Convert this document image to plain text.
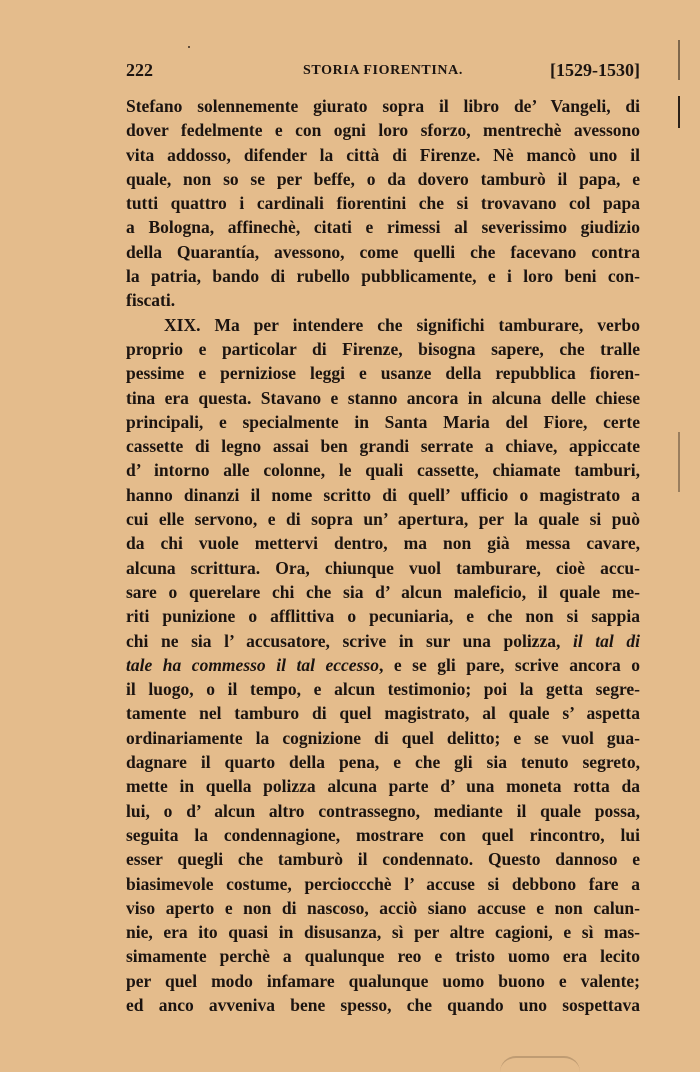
222	STORIA FIORENTINA.	[1529-1530]
Stefano solennemente giurato sopra il libro de’ Vangeli, di
dover fedelmente e con ogni loro sforzo, mentrechè avessono
vita addosso, difender la città di Firenze. Nè mancò uno il
quale, non so se per beffe, o da dovero tamburò il papa, e
tutti quattro i cardinali fiorentini che si trovavano col papa
a Bologna, affinechè, citati e rimessi al severissimo giudizio
della Quarantía, avessono, come quelli che facevano contra
la patria, bando di rubello pubblicamente, e i loro beni con-
fiscati.
XIX. Ma per intendere che significhi tamburare, verbo
proprio e particolar di Firenze, bisogna sapere, che tralle
pessime e perniziose leggi e usanze della repubblica fioren-
tina era questa. Stavano e stanno ancora in alcuna delle chiese
principali, e specialmente in Santa Maria del Fiore, certe
cassette di legno assai ben grandi serrate a chiave, appiccate
d’ intorno alle colonne, le quali cassette, chiamate tamburi,
hanno dinanzi il nome scritto di quell’ ufficio o magistrato a
cui elle servono, e di sopra un’ apertura, per la quale si può
da chi vuole mettervi dentro, ma non già messa cavare,
alcuna scrittura. Ora, chiunque vuol tamburare, cioè accu-
sare o querelare chi che sia d’ alcun maleficio, il quale me-
riti punizione o afflittiva o pecuniaria, e che non si sappia
chi ne sia l’ accusatore, scrive in sur una polizza, il tal di
tale ha commesso il tal eccesso, e se gli pare, scrive ancora o
il luogo, o il tempo, e alcun testimonio; poi la getta segre-
tamente nel tamburo di quel magistrato, al quale s’ aspetta
ordinariamente la cognizione di quel delitto; e se vuol gua-
dagnare il quarto della pena, e che gli sia tenuto segreto,
mette in quella polizza alcuna parte d’ una moneta rotta da
lui, o d’ alcun altro contrassegno, mediante il quale possa,
seguita la condennagione, mostrare con quel rincontro, lui
esser quegli che tamburò il condennato. Questo dannoso e
biasimevole costume, percioccchè l’ accuse si debbono fare a
viso aperto e non di nascoso, acciò siano accuse e non calun-
nie, era ito quasi in disusanza, sì per altre cagioni, e sì mas-
simamente perchè a qualunque reo e tristo uomo era lecito
per quel modo infamare qualunque uomo buono e valente;
ed anco avveniva bene spesso, che quando uno sospettava
